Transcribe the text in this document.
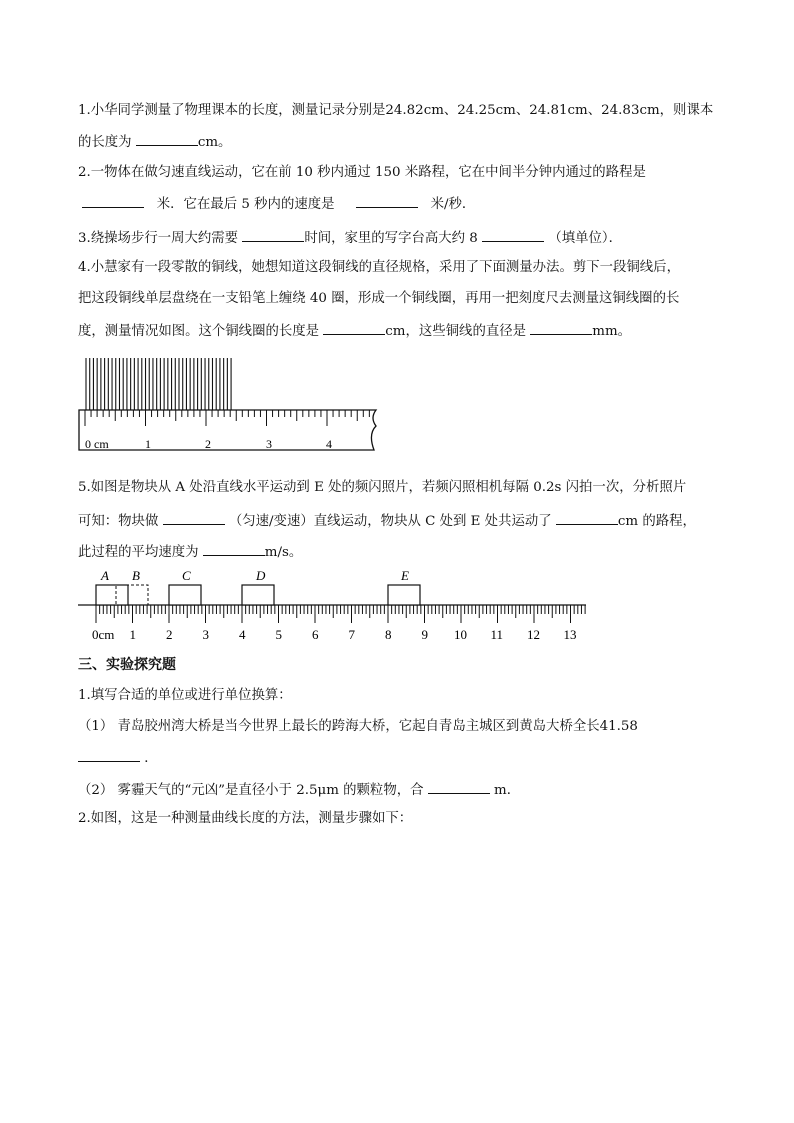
1.小华同学测量了物理课本的长度，测量记录分别是24.82cm、24.25cm、24.81cm、24.83cm，则课本
的长度为	cm。
2.一物体在做匀速直线运动，它在前 10 秒内通过 150 米路程，它在中间半分钟内通过的路程是
米．它在最后 5 秒内的速度是	米/秒．
3.绕操场步行一周大约需要	时间，家里的写字台高大约 8	（填单位）．
4.小慧家有一段零散的铜线，她想知道这段铜线的直径规格，采用了下面测量办法。剪下一段铜线后，
把这段铜线单层盘绕在一支铅笔上缠绕 40 圈，形成一个铜线圈，再用一把刻度尺去测量这铜线圈的长
度，测量情况如图。这个铜线圈的长度是	cm，这些铜线的直径是	mm。
0 cm	1	2	3	4
5.如图是物块从 A 处沿直线水平运动到 E 处的频闪照片，若频闪照相机每隔 0.2s 闪拍一次，分析照片
可知：物块做	（匀速/变速）直线运动，物块从 C 处到 E 处共运动了	cm 的路程，
此过程的平均速度为	m/s。
A B	C	D	E
0cm 1 2 3 4 5 6 7 8 9 10 11 12 13
三、实验探究题
1.填写合适的单位或进行单位换算：
（1） 青岛胶州湾大桥是当今世界上最长的跨海大桥，它起自青岛主城区到黄岛大桥全长41.58
．
（2） 雾霾天气的“元凶”是直径小于 2.5μm 的颗粒物，合	m．
2.如图，这是一种测量曲线长度的方法，测量步骤如下：
